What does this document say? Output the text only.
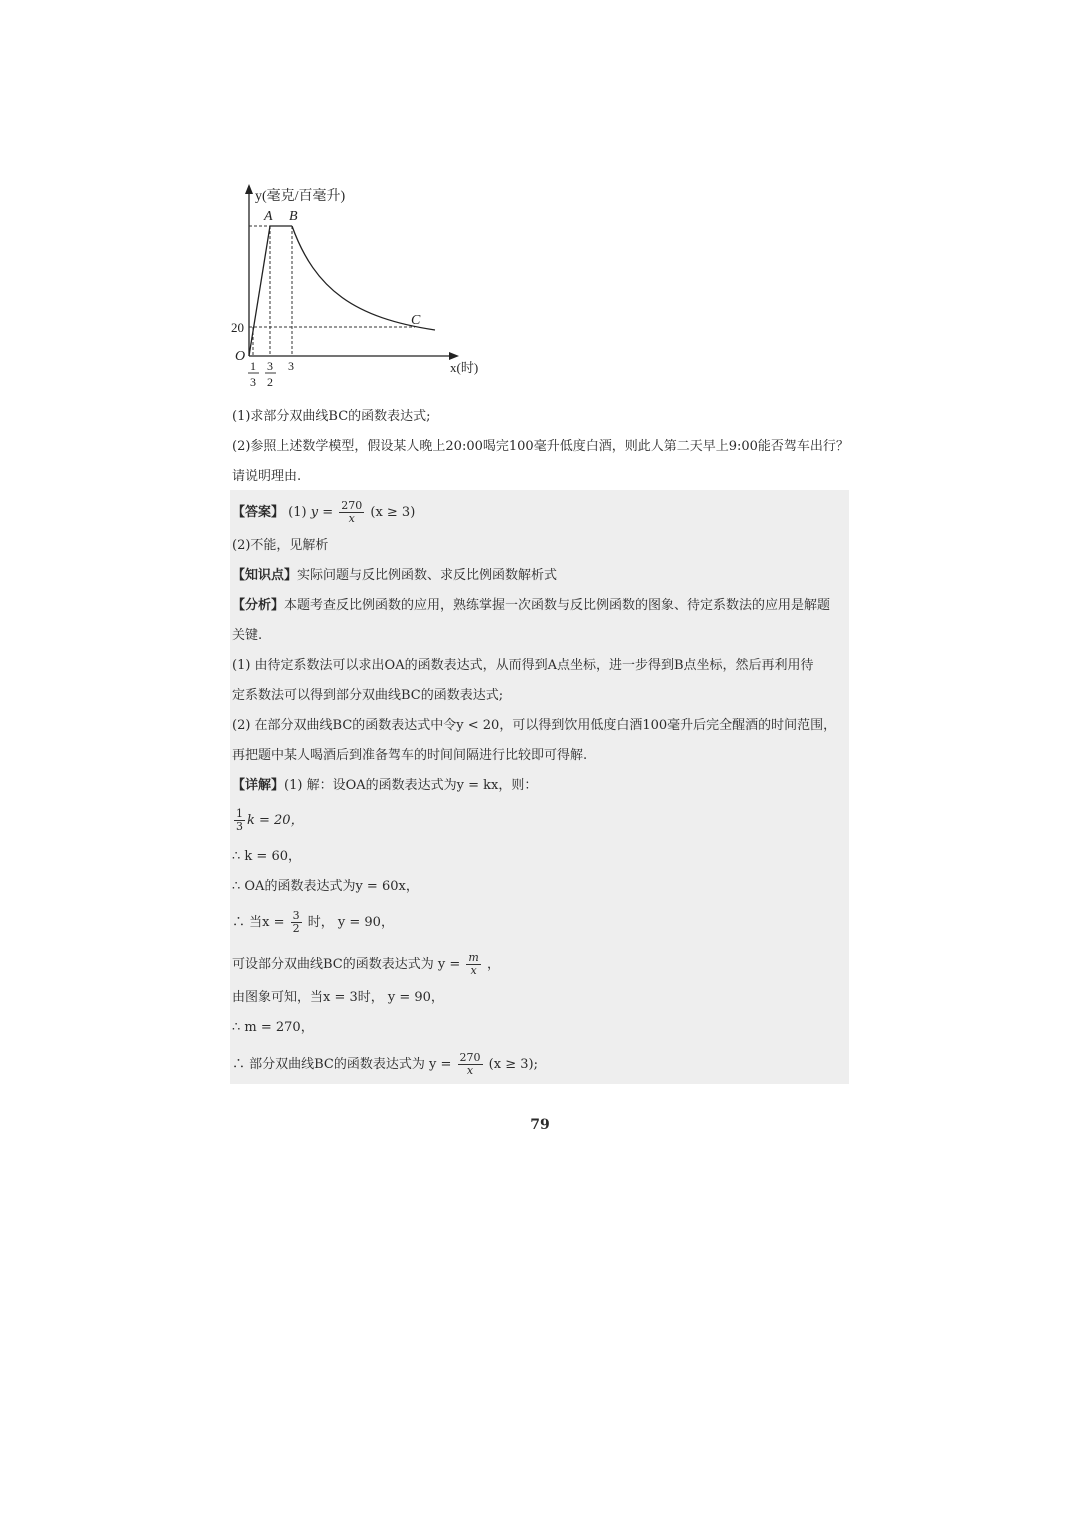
y(毫克/百毫升)
x(时)
O
20
A B
C
1
3
3
2
3
(1)求部分双曲线BC的函数表达式;
(2)参照上述数学模型，假设某人晚上20:00喝完100毫升低度白酒，则此人第二天早上9:00能否驾车出行？
请说明理由.
【答案】 (1) $y = \frac{270}{x} (x \ge 3)$
(2)不能，见解析
【知识点】实际问题与反比例函数、求反比例函数解析式
【分析】本题考查反比例函数的应用，熟练掌握一次函数与反比例函数的图象、待定系数法的应用是解题
关键.
(1) 由待定系数法可以求出OA的函数表达式，从而得到A点坐标，进一步得到B点坐标，然后再利用待
定系数法可以得到部分双曲线BC的函数表达式;
(2) 在部分双曲线BC的函数表达式中令y < 20，可以得到饮用低度白酒100毫升后完全醒酒的时间范围，
再把题中某人喝酒后到准备驾车的时间间隔进行比较即可得解.
【详解】(1) 解：设OA的函数表达式为y = kx，则：
$\frac{1}{3}$ k = 20，
∴ k = 60，
∴ OA的函数表达式为y = 60x，
∴ 当$x = \frac{3}{2}$ 时， y = 90，
可设部分双曲线BC的函数表达式为 $y = \frac{m}{x}$ ，
由图象可知，当x = 3时， y = 90，
∴ m = 270，
∴ 部分双曲线BC的函数表达式为 $y = \frac{270}{x} (x \ge 3)$;
79
